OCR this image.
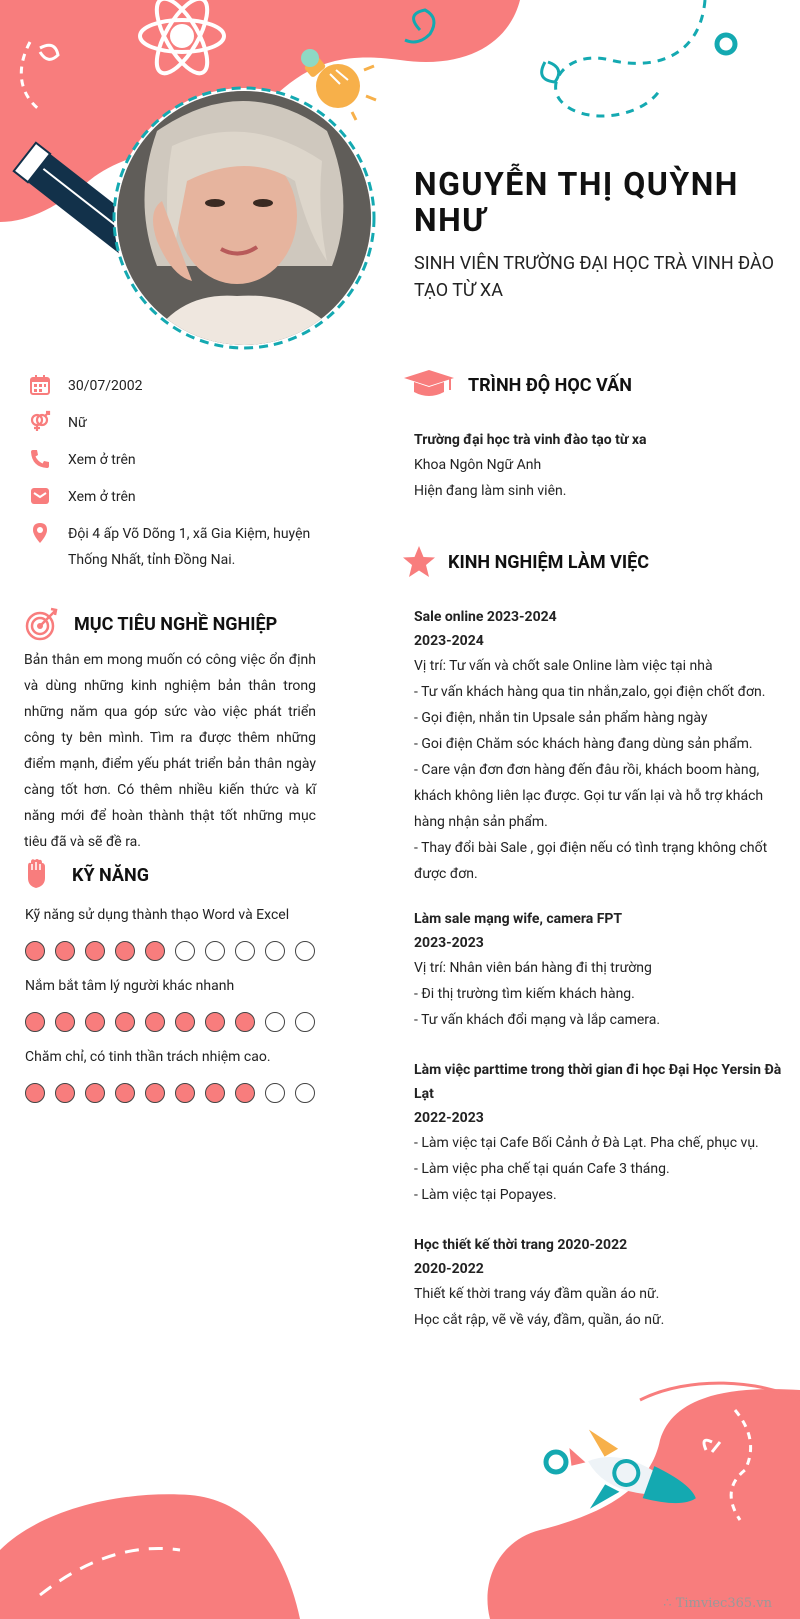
NGUYỄN THỊ QUỲNH NHƯ
SINH VIÊN TRƯỜNG ĐẠI HỌC TRÀ VINH ĐÀO TẠO TỪ XA
30/07/2002
Nữ
Xem ở trên
Xem ở trên
Đội 4 ấp Võ Dõng 1, xã Gia Kiệm, huyện Thống Nhất, tỉnh Đồng Nai.
MỤC TIÊU NGHỀ NGHIỆP
Bản thân em mong muốn có công việc ổn định và dùng những kinh nghiệm bản thân trong những năm qua góp sức vào việc phát triển công ty bên mình. Tìm ra được thêm những điểm mạnh, điểm yếu phát triển bản thân ngày càng tốt hơn. Có thêm nhiều kiến thức và kĩ năng mới để hoàn thành thật tốt những mục tiêu đã và sẽ đề ra.
KỸ NĂNG
Kỹ năng sử dụng thành thạo Word và Excel
Nắm bắt tâm lý người khác nhanh
Chăm chỉ, có tinh thần trách nhiệm cao.
TRÌNH ĐỘ HỌC VẤN
Trường đại học trà vinh đào tạo từ xa
Khoa Ngôn Ngữ Anh
Hiện đang làm sinh viên.
KINH NGHIỆM LÀM VIỆC
Sale online 2023-2024
2023-2024
Vị trí: Tư vấn và chốt sale Online làm việc tại nhà
- Tư vấn khách hàng qua tin nhắn,zalo, gọi điện chốt đơn.
- Gọi điện, nhắn tin Upsale sản phẩm hàng ngày
- Goi điện Chăm sóc khách hàng đang dùng sản phẩm.
- Care vận đơn đơn hàng đến đâu rồi, khách boom hàng, khách không liên lạc được. Gọi tư vấn lại và hỗ trợ khách hàng nhận sản phẩm.
- Thay đổi bài Sale , gọi điện nếu có tình trạng không chốt được đơn.
Làm sale mạng wife, camera FPT
2023-2023
Vị trí: Nhân viên bán hàng đi thị trường
- Đi thị trường tìm kiếm khách hàng.
- Tư vấn khách đổi mạng và lắp camera.
Làm việc parttime trong thời gian đi học Đại Học Yersin Đà Lạt
2022-2023
- Làm việc tại Cafe Bối Cảnh ở Đà Lạt. Pha chế, phục vụ.
- Làm việc pha chế tại quán Cafe 3 tháng.
- Làm việc tại Popayes.
Học thiết kế thời trang 2020-2022
2020-2022
Thiết kế thời trang váy đầm quần áo nữ.
Học cắt rập, vẽ về váy, đầm, quần, áo nữ.
∴ Timviec365.vn
